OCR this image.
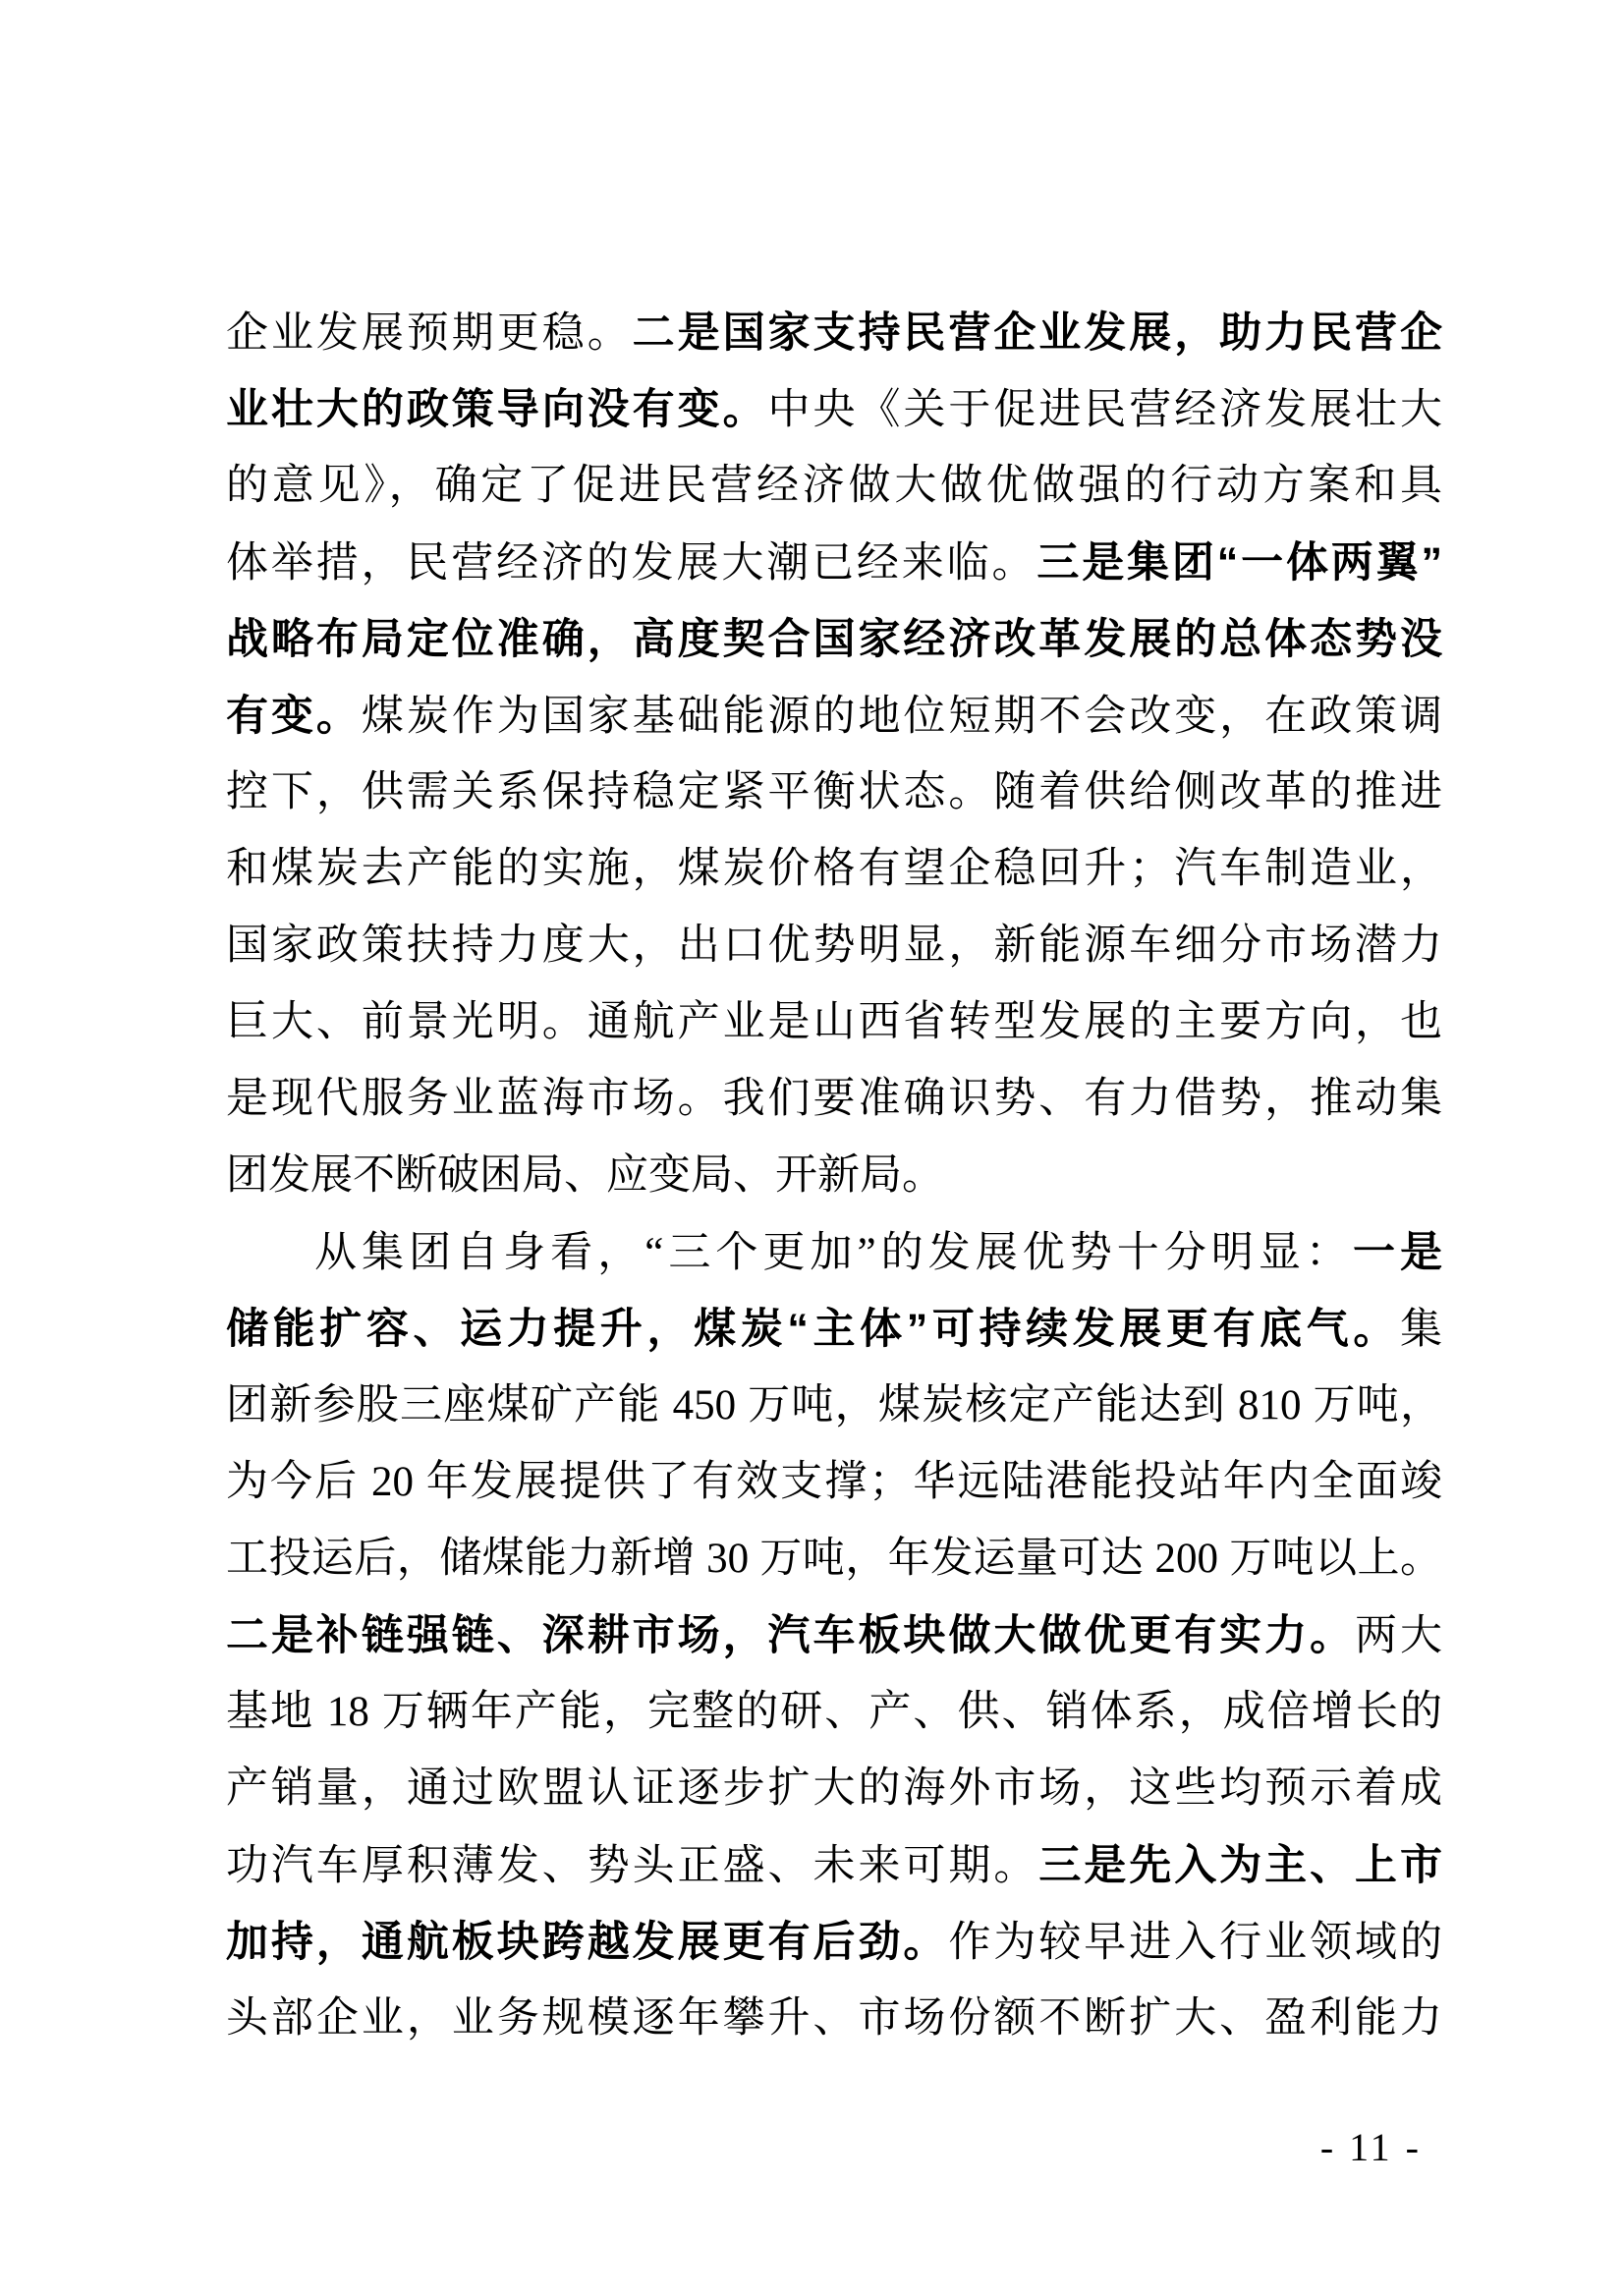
企业发展预期更稳。二是国家支持民营企业发展，助力民营企
业壮大的政策导向没有变。中央《关于促进民营经济发展壮大
的意见》，确定了促进民营经济做大做优做强的行动方案和具
体举措，民营经济的发展大潮已经来临。三是集团“一体两翼”
战略布局定位准确，高度契合国家经济改革发展的总体态势没
有变。煤炭作为国家基础能源的地位短期不会改变，在政策调
控下，供需关系保持稳定紧平衡状态。随着供给侧改革的推进
和煤炭去产能的实施，煤炭价格有望企稳回升；汽车制造业，
国家政策扶持力度大，出口优势明显，新能源车细分市场潜力
巨大、前景光明。通航产业是山西省转型发展的主要方向，也
是现代服务业蓝海市场。我们要准确识势、有力借势，推动集
团发展不断破困局、应变局、开新局。
从集团自身看，“三个更加”的发展优势十分明显：一是
储能扩容、运力提升，煤炭“主体”可持续发展更有底气。集
团新参股三座煤矿产能 450 万吨，煤炭核定产能达到 810 万吨，
为今后 20 年发展提供了有效支撑；华远陆港能投站年内全面竣
工投运后，储煤能力新增 30 万吨，年发运量可达 200 万吨以上。
二是补链强链、深耕市场，汽车板块做大做优更有实力。两大
基地 18 万辆年产能，完整的研、产、供、销体系，成倍增长的
产销量，通过欧盟认证逐步扩大的海外市场，这些均预示着成
功汽车厚积薄发、势头正盛、未来可期。三是先入为主、上市
加持，通航板块跨越发展更有后劲。作为较早进入行业领域的
头部企业，业务规模逐年攀升、市场份额不断扩大、盈利能力
- 11 -
